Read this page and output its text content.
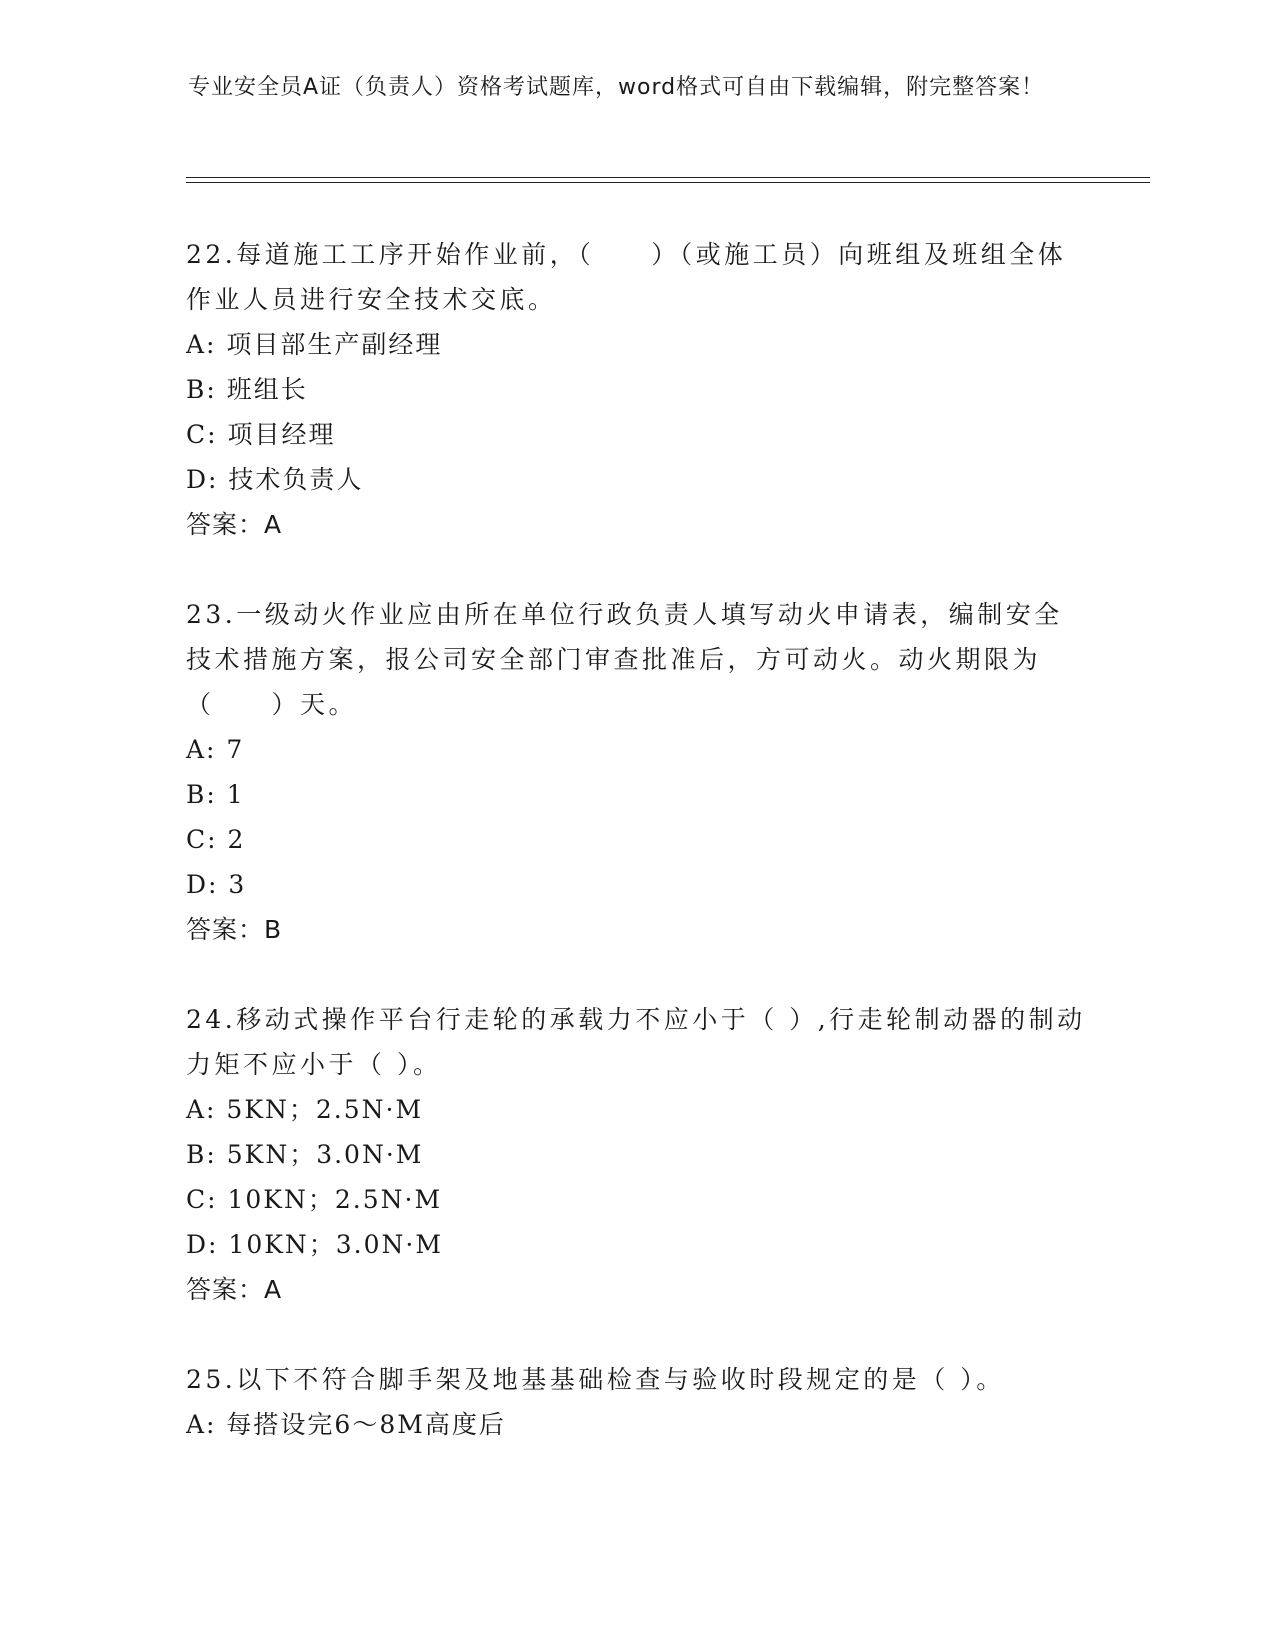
专业安全员A证（负责人）资格考试题库，word格式可自由下载编辑，附完整答案！

22.每道施工工序开始作业前，（　　）（或施工员）向班组及班组全体作业人员进行安全技术交底。

A: 项目部生产副经理

B: 班组长

C: 项目经理

D: 技术负责人

答案：A

23.一级动火作业应由所在单位行政负责人填写动火申请表，编制安全技术措施方案，报公司安全部门审查批准后，方可动火。动火期限为（　　）天。

A: 7

B: 1

C: 2

D: 3

答案：B

24.移动式操作平台行走轮的承载力不应小于（ ）,行走轮制动器的制动力矩不应小于（ ）。

A: 5KN；2.5N·M

B: 5KN；3.0N·M

C: 10KN；2.5N·M

D: 10KN；3.0N·M

答案：A

25.以下不符合脚手架及地基基础检查与验收时段规定的是（ ）。

A: 每搭设完6～8M高度后
